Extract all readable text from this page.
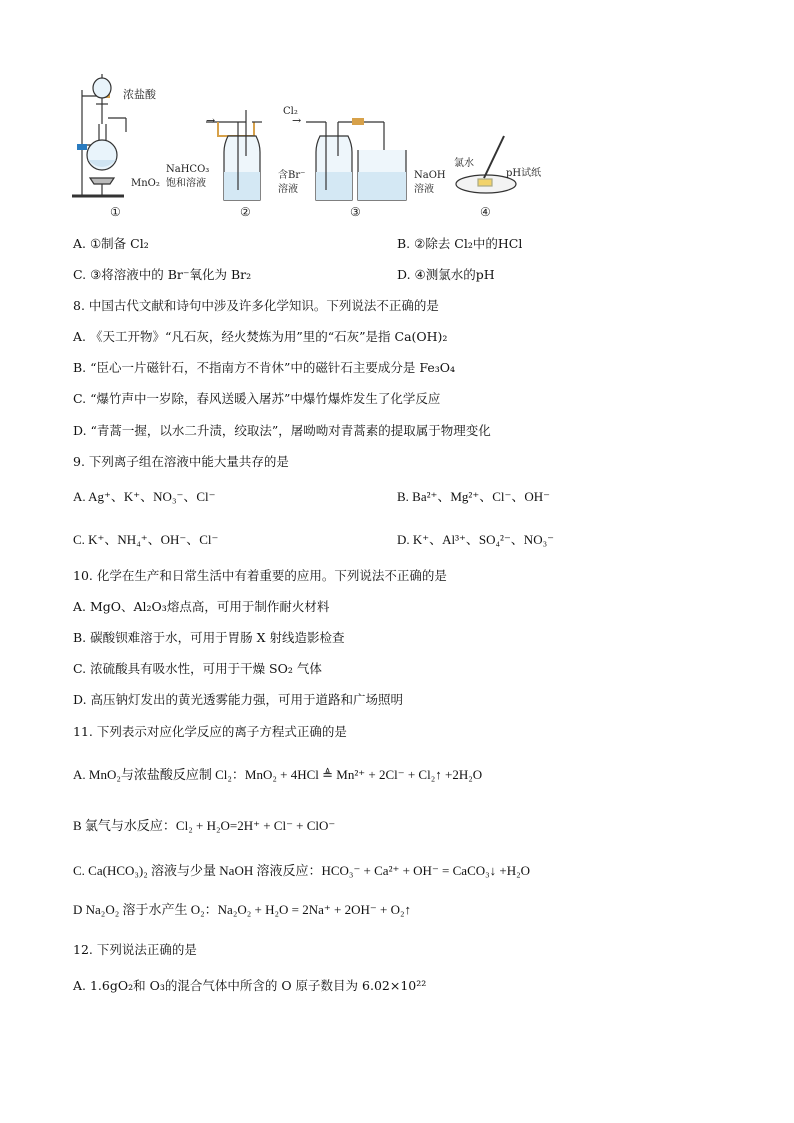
浓盐酸
MnO₂
①
→
NaHCO₃
饱和溶液
②
Cl₂
→
含Br⁻
溶液
NaOH
溶液
③
氯水
pH试纸
④
A. ①制备 Cl₂	B. ②除去 Cl₂中的HCl
C. ③将溶液中的 Br⁻氧化为 Br₂	D. ④测氯水的pH
8. 中国古代文献和诗句中涉及许多化学知识。下列说法不正确的是
A. 《天工开物》“凡石灰，经火焚炼为用”里的“石灰”是指 Ca(OH)₂
B. “臣心一片磁针石，不指南方不肯休”中的磁针石主要成分是 Fe₃O₄
C. “爆竹声中一岁除，春风送暖入屠苏”中爆竹爆炸发生了化学反应
D. “青蒿一握，以水二升渍，绞取法”，屠呦呦对青蒿素的提取属于物理变化
9. 下列离子组在溶液中能大量共存的是
A. Ag⁺、K⁺、NO₃⁻、Cl⁻	B. Ba²⁺、Mg²⁺、Cl⁻、OH⁻
C. K⁺、NH₄⁺、OH⁻、Cl⁻	D. K⁺、Al³⁺、SO₄²⁻、NO₃⁻
10. 化学在生产和日常生活中有着重要的应用。下列说法不正确的是
A. MgO、Al₂O₃熔点高，可用于制作耐火材料
B. 碳酸钡难溶于水，可用于胃肠 X 射线造影检查
C. 浓硫酸具有吸水性，可用于干燥 SO₂ 气体
D. 高压钠灯发出的黄光透雾能力强，可用于道路和广场照明
11. 下列表示对应化学反应的离子方程式正确的是
A. MnO₂与浓盐酸反应制 Cl₂：MnO₂ + 4HCl ≜ Mn²⁺ + 2Cl⁻ + Cl₂↑ +2H₂O
B 氯气与水反应：Cl₂ + H₂O=2H⁺ + Cl⁻ + ClO⁻
C. Ca(HCO₃)₂ 溶液与少量 NaOH 溶液反应：HCO₃⁻ + Ca²⁺ + OH⁻ = CaCO₃↓ +H₂O
D Na₂O₂ 溶于水产生 O₂：Na₂O₂ + H₂O = 2Na⁺ + 2OH⁻ + O₂↑
12. 下列说法正确的是
A. 1.6gO₂和 O₃的混合气体中所含的 O 原子数目为 6.02×10²²
